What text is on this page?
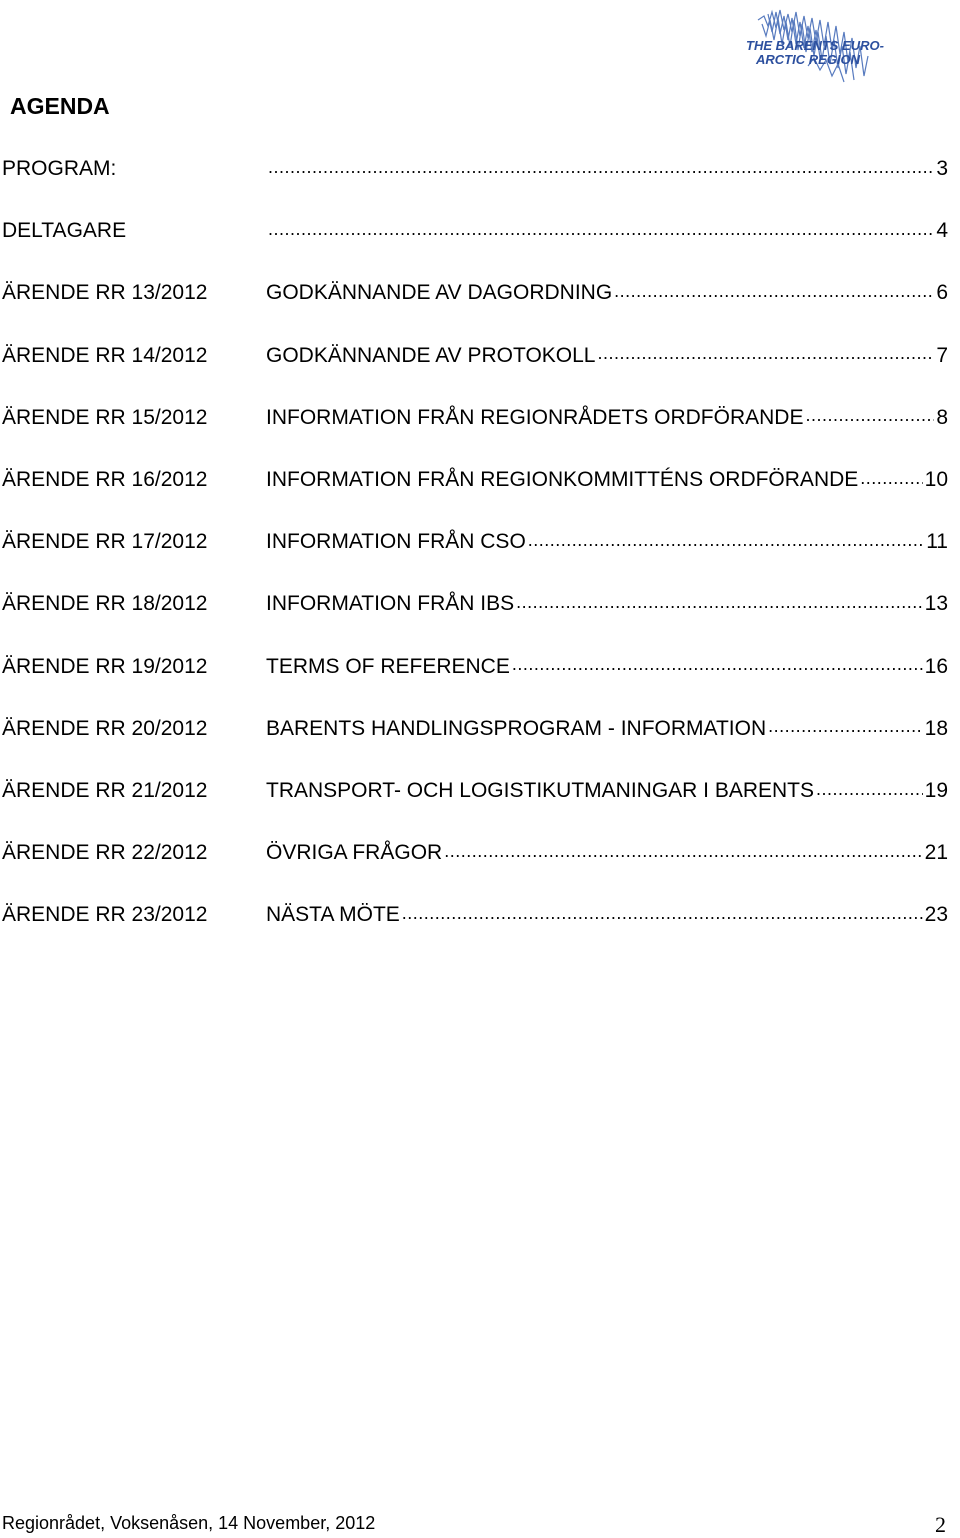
THE BARENTS EURO-
ARCTIC REGION
AGENDA
PROGRAM: .....	3
DELTAGARE .....	4
ÄRENDE RR 13/2012	GODKÄNNANDE AV DAGORDNING .....	6
ÄRENDE RR 14/2012	GODKÄNNANDE AV PROTOKOLL .....	7
ÄRENDE RR 15/2012	INFORMATION FRÅN REGIONRÅDETS ORDFÖRANDE .....	8
ÄRENDE RR 16/2012	INFORMATION FRÅN REGIONKOMMITTÉNS ORDFÖRANDE .....	10
ÄRENDE RR 17/2012	INFORMATION FRÅN CSO .....	11
ÄRENDE RR 18/2012	INFORMATION FRÅN IBS .....	13
ÄRENDE RR 19/2012	TERMS OF REFERENCE .....	16
ÄRENDE RR 20/2012	BARENTS HANDLINGSPROGRAM - INFORMATION .....	18
ÄRENDE RR 21/2012	TRANSPORT- OCH LOGISTIKUTMANINGAR I BARENTS .....	19
ÄRENDE RR 22/2012	ÖVRIGA FRÅGOR .....	21
ÄRENDE RR 23/2012	NÄSTA MÖTE .....	23
Regionrådet, Voksenåsen, 14 November, 2012	2
